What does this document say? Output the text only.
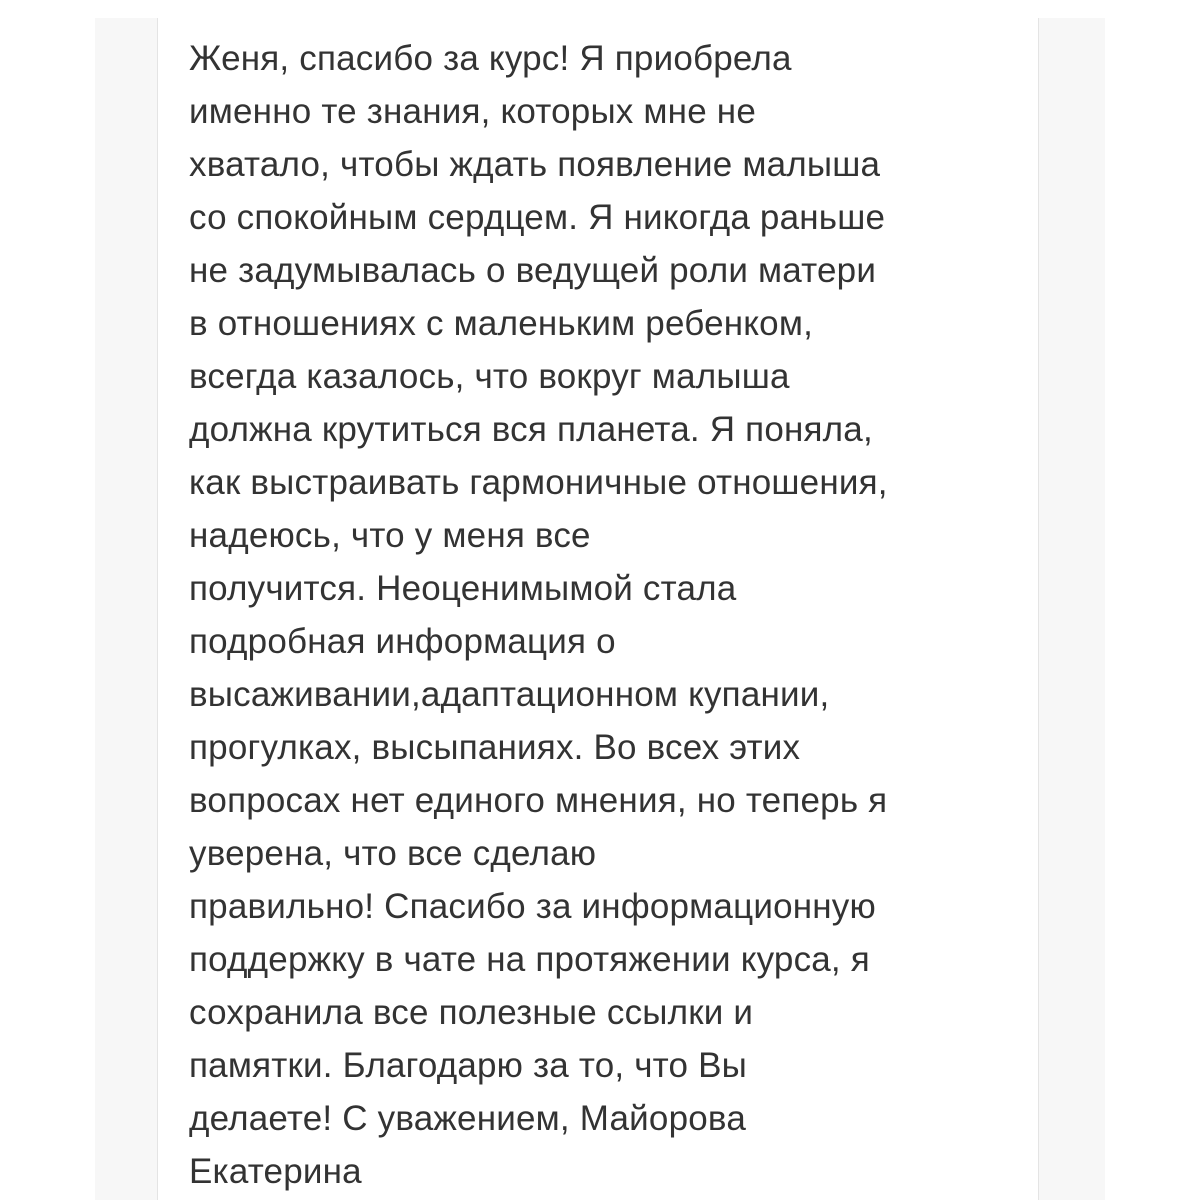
Женя, спасибо за курс! Я приобрела
именно те знания, которых мне не
хватало, чтобы ждать появление малыша
со спокойным сердцем. Я никогда раньше
не задумывалась о ведущей роли матери
в отношениях с маленьким ребенком,
всегда казалось, что вокруг малыша
должна крутиться вся планета. Я поняла,
как выстраивать гармоничные отношения,
надеюсь, что у меня все
получится. Неоценимымой стала
подробная информация о
высаживании,адаптационном купании,
прогулках, высыпаниях. Во всех этих
вопросах нет единого мнения, но теперь я
уверена, что все сделаю
правильно! Спасибо за информационную
поддержку в чате на протяжении курса, я
сохранила все полезные ссылки и
памятки. Благодарю за то, что Вы
делаете! С уважением, Майорова
Екатерина
